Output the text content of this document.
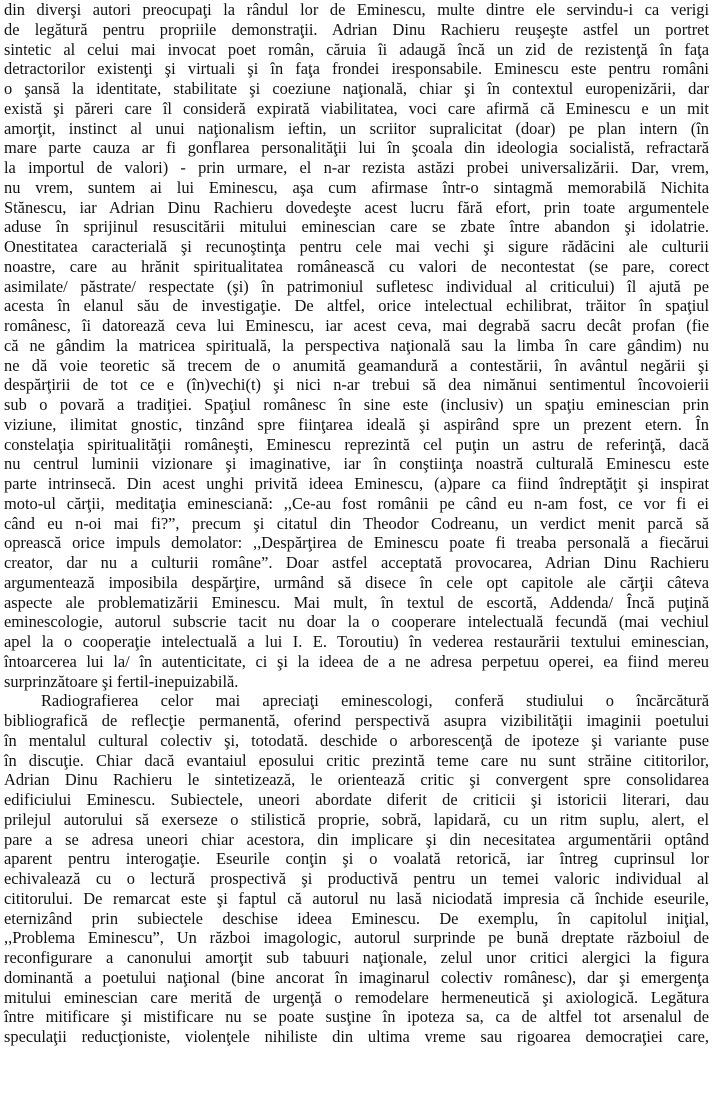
din diverşi autori preocupaţi la rândul lor de Eminescu, multe dintre ele servindu-i ca verigi
de legătură pentru propriile demonstraţii. Adrian Dinu Rachieru reuşeşte astfel un portret
sintetic al celui mai invocat poet român, căruia îi adaugă încă un zid de rezistenţă în faţa
detractorilor existenţi şi virtuali şi în faţa frondei iresponsabile. Eminescu este pentru români
o şansă la identitate, stabilitate şi coeziune naţională, chiar şi în contextul europenizării, dar
există şi păreri care îl consideră expirată viabilitatea, voci care afirmă că Eminescu e un mit
amorţit, instinct al unui naţionalism ieftin, un scriitor supralicitat (doar) pe plan intern (în
mare parte cauza ar fi gonflarea personalităţii lui în şcoala din ideologia socialistă, refractară
la importul de valori) - prin urmare, el n-ar rezista astăzi probei universalizării. Dar, vrem,
nu vrem, suntem ai lui Eminescu, aşa cum afirmase într-o sintagmă memorabilă Nichita
Stănescu, iar Adrian Dinu Rachieru dovedeşte acest lucru fără efort, prin toate argumentele
aduse în sprijinul resuscitării mitului eminescian care se zbate între abandon şi idolatrie.
Onestitatea caracterială şi recunoştinţa pentru cele mai vechi şi sigure rădăcini ale culturii
noastre, care au hrănit spiritualitatea românească cu valori de necontestat (se pare, corect
asimilate/ păstrate/ respectate (şi) în patrimoniul sufletesc individual al criticului) îl ajută pe
acesta în elanul său de investigaţie. De altfel, orice intelectual echilibrat, trăitor în spaţiul
românesc, îi datorează ceva lui Eminescu, iar acest ceva, mai degrabă sacru decât profan (fie
că ne gândim la matricea spirituală, la perspectiva naţională sau la limba în care gândim) nu
ne dă voie teoretic să trecem de o anumită geamandură a contestării, în avântul negării şi
despărţirii de tot ce e (în)vechi(t) şi nici n-ar trebui să dea nimănui sentimentul încovoierii
sub o povară a tradiţiei. Spaţiul românesc în sine este (inclusiv) un spaţiu eminescian prin
viziune, ilimitat gnostic, tinzând spre fiinţarea ideală şi aspirând spre un prezent etern. În
constelaţia spiritualităţii româneşti, Eminescu reprezintă cel puţin un astru de referinţă, dacă
nu centrul luminii vizionare şi imaginative, iar în conştiinţa noastră culturală Eminescu este
parte intrinsecă. Din acest unghi privită ideea Eminescu, (a)pare ca fiind îndreptăţit şi inspirat
moto-ul cărţii, meditaţia eminesciană: ,,Ce-au fost românii pe când eu n-am fost, ce vor fi ei
când eu n-oi mai fi?”, precum şi citatul din Theodor Codreanu, un verdict menit parcă să
oprească orice impuls demolator: ,,Despărţirea de Eminescu poate fi treaba personală a fiecărui
creator, dar nu a culturii române”. Doar astfel acceptată provocarea, Adrian Dinu Rachieru
argumentează imposibila despărţire, urmând să disece în cele opt capitole ale cărţii câteva
aspecte ale problematizării Eminescu. Mai mult, în textul de escortă, Addenda/ Încă puţină
eminescologie, autorul subscrie tacit nu doar la o cooperare intelectuală fecundă (mai vechiul
apel la o cooperaţie intelectuală a lui I. E. Toroutiu) în vederea restaurării textului eminescian,
întoarcerea lui la/ în autenticitate, ci şi la ideea de a ne adresa perpetuu operei, ea fiind mereu
surprinzătoare şi fertil-inepuizabilă.
Radiografierea celor mai apreciaţi eminescologi, conferă studiului o încărcătură
bibliografică de reflecţie permanentă, oferind perspectivă asupra vizibilităţii imaginii poetului
în mentalul cultural colectiv şi, totodată. deschide o arborescenţă de ipoteze şi variante puse
în discuţie. Chiar dacă evantaiul eposului critic prezintă teme care nu sunt străine cititorilor,
Adrian Dinu Rachieru le sintetizează, le orientează critic şi convergent spre consolidarea
edificiului Eminescu. Subiectele, uneori abordate diferit de criticii şi istoricii literari, dau
prilejul autorului să exerseze o stilistică proprie, sobră, lapidară, cu un ritm suplu, alert, el
pare a se adresa uneori chiar acestora, din implicare şi din necesitatea argumentării optând
aparent pentru interogaţie. Eseurile conţin şi o voalată retorică, iar întreg cuprinsul lor
echivalează cu o lectură prospectivă şi productivă pentru un temei valoric individual al
cititorului. De remarcat este şi faptul că autorul nu lasă niciodată impresia că închide eseurile,
eternizând prin subiectele deschise ideea Eminescu. De exemplu, în capitolul iniţial,
,,Problema Eminescu”, Un război imagologic, autorul surprinde pe bună dreptate războiul de
reconfigurare a canonului amorţit sub tabuuri naţionale, zelul unor critici alergici la figura
dominantă a poetului naţional (bine ancorat în imaginarul colectiv românesc), dar şi emergenţa
mitului eminescian care merită de urgenţă o remodelare hermeneutică şi axiologică. Legătura
între mitificare şi mistificare nu se poate susţine în ipoteza sa, ca de altfel tot arsenalul de
speculaţii reducţioniste, violenţele nihiliste din ultima vreme sau rigoarea democraţiei care,
